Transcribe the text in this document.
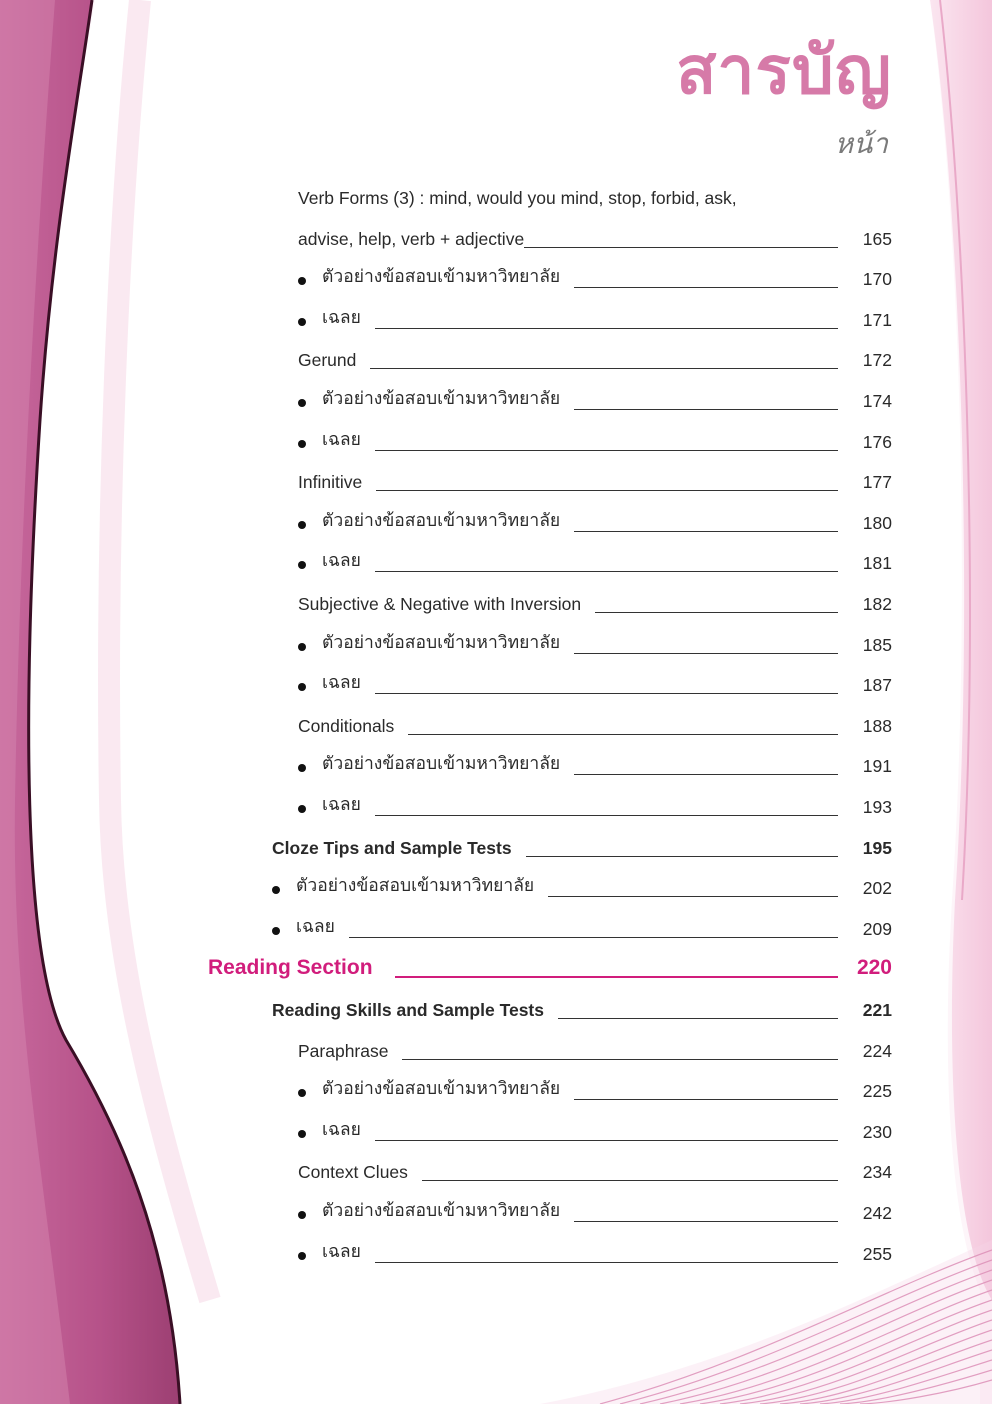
สารบัญ
หน้า
Verb Forms (3) : mind, would you mind, stop, forbid, ask,
advise, help, verb + adjective	165
ตัวอย่างข้อสอบเข้ามหาวิทยาลัย	170
เฉลย	171
Gerund	172
ตัวอย่างข้อสอบเข้ามหาวิทยาลัย	174
เฉลย	176
Infinitive	177
ตัวอย่างข้อสอบเข้ามหาวิทยาลัย	180
เฉลย	181
Subjective & Negative with Inversion	182
ตัวอย่างข้อสอบเข้ามหาวิทยาลัย	185
เฉลย	187
Conditionals	188
ตัวอย่างข้อสอบเข้ามหาวิทยาลัย	191
เฉลย	193
Cloze Tips and Sample Tests	195
ตัวอย่างข้อสอบเข้ามหาวิทยาลัย	202
เฉลย	209
Reading Section	220
Reading Skills and Sample Tests	221
Paraphrase	224
ตัวอย่างข้อสอบเข้ามหาวิทยาลัย	225
เฉลย	230
Context Clues	234
ตัวอย่างข้อสอบเข้ามหาวิทยาลัย	242
เฉลย	255
